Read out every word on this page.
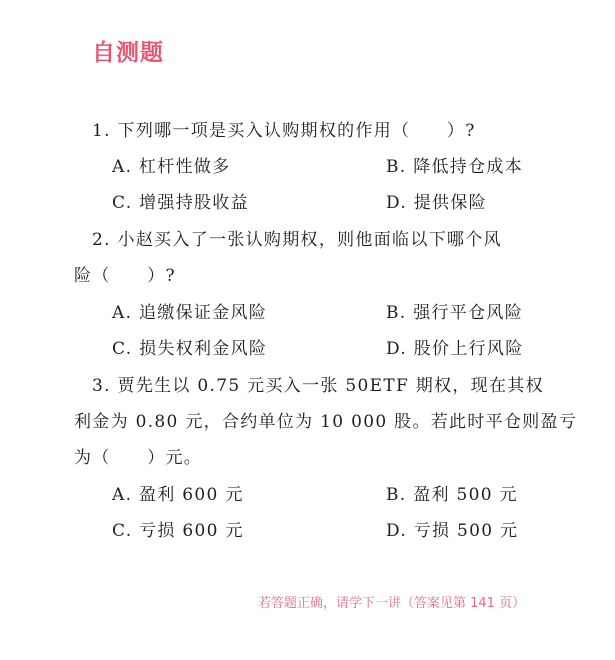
自测题
1. 下列哪一项是买入认购期权的作用（　　）?
A. 杠杆性做多	B. 降低持仓成本
C. 增强持股收益	D. 提供保险
2. 小赵买入了一张认购期权，则他面临以下哪个风
险（　　）?
A. 追缴保证金风险	B. 强行平仓风险
C. 损失权利金风险	D. 股价上行风险
3. 贾先生以 0.75 元买入一张 50ETF 期权，现在其权
利金为 0.80 元，合约单位为 10 000 股。若此时平仓则盈亏
为（　　）元。
A. 盈利 600 元	B. 盈利 500 元
C. 亏损 600 元	D. 亏损 500 元
若答题正确，请学下一讲（答案见第 141 页）
